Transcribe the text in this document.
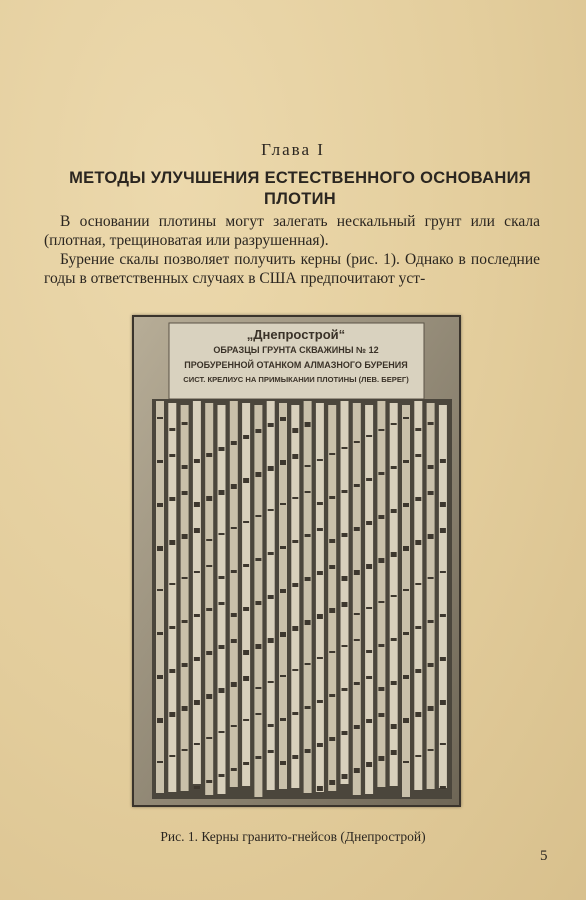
Глава I
МЕТОДЫ УЛУЧШЕНИЯ ЕСТЕСТВЕННОГО ОСНОВАНИЯ
ПЛОТИН

В основании плотины могут залегать нескальный грунт или скала (плотная, трещиноватая или разрушенная).

Бурение скалы позволяет получить керны (рис. 1). Однако в последние годы в ответственных случаях в США предпочитают уст-

„Днепрострой“
ОБРАЗЦЫ ГРУНТА СКВАЖИНЫ № 12
ПРОБУРЕННОЙ ОТАНКОМ АЛМАЗНОГО БУРЕНИЯ
СИСТ. КРЕЛИУС НА ПРИМЫКАНИИ ПЛОТИНЫ (ЛЕВ. БЕРЕГ)
Рис. 1. Керны гранито-гнейсов (Днепрострой)
5
